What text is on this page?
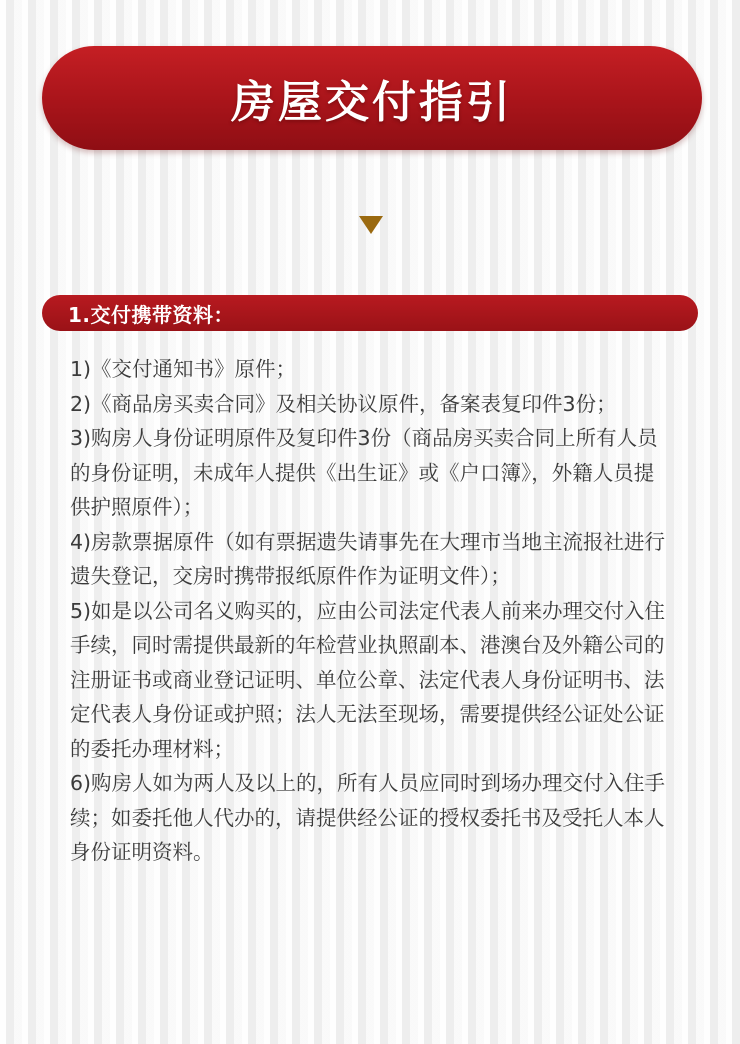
房屋交付指引
1.交付携带资料：

1)《交付通知书》原件；

2)《商品房买卖合同》及相关协议原件，备案表复印件3份；

3)购房人身份证明原件及复印件3份（商品房买卖合同上所有人员的身份证明，未成年人提供《出生证》或《户口簿》，外籍人员提供护照原件）；

4)房款票据原件（如有票据遗失请事先在大理市当地主流报社进行遗失登记，交房时携带报纸原件作为证明文件）；

5)如是以公司名义购买的，应由公司法定代表人前来办理交付入住手续，同时需提供最新的年检营业执照副本、港澳台及外籍公司的注册证书或商业登记证明、单位公章、法定代表人身份证明书、法定代表人身份证或护照；法人无法至现场，需要提供经公证处公证的委托办理材料；

6)购房人如为两人及以上的，所有人员应同时到场办理交付入住手续；如委托他人代办的，请提供经公证的授权委托书及受托人本人身份证明资料。
